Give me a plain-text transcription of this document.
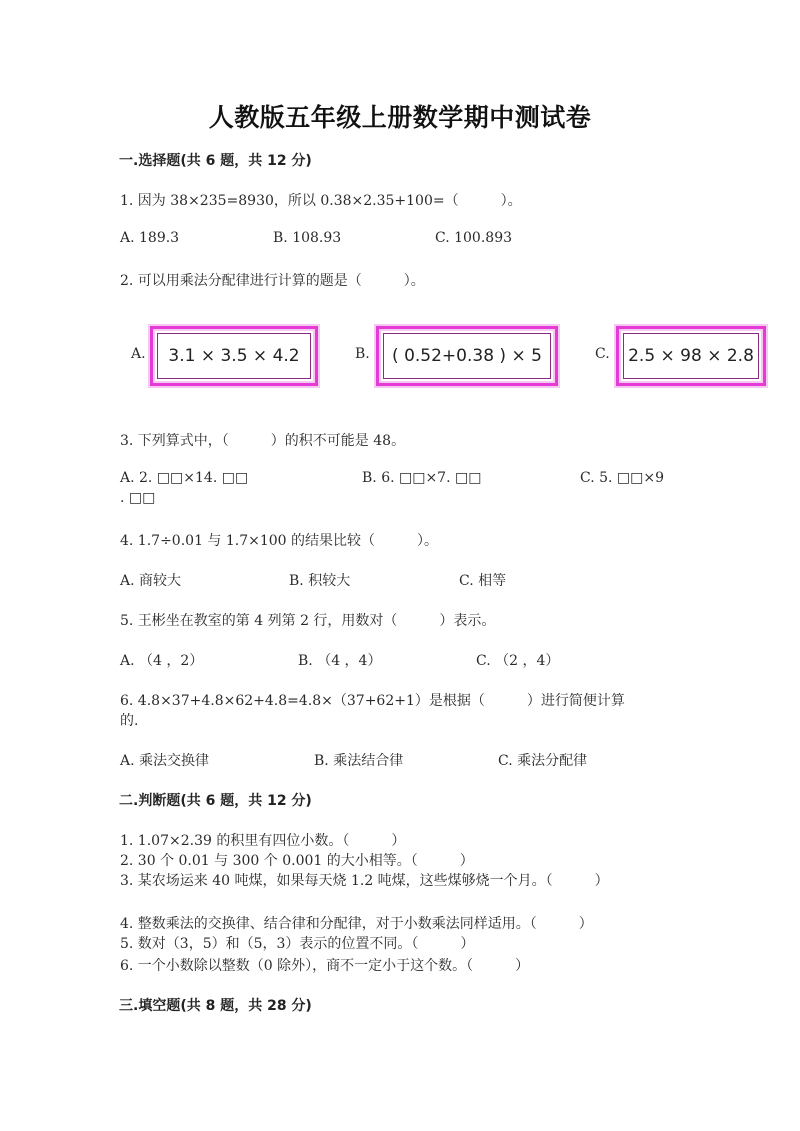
人教版五年级上册数学期中测试卷
一.选择题(共 6 题，共 12 分)
1. 因为 38×235=8930，所以 0.38×2.35+100=（　　　）。
A. 189.3	B. 108.93	C. 100.893
2. 可以用乘法分配律进行计算的题是（　　　）。
A.	3.1 × 3.5 × 4.2	B.	( 0.52+0.38 ) × 5	C. 2.5 × 98 × 2.8
3. 下列算式中，（　　　）的积不可能是 48。
A. 2. □□×14. □□	B. 6. □□×7. □□	C. 5. □□×9
. □□
4. 1.7÷0.01 与 1.7×100 的结果比较（　　　）。
A. 商较大	B. 积较大	C. 相等
5. 王彬坐在教室的第 4 列第 2 行，用数对（　　　）表示。
A. （4 ，2）	B. （4 ，4）	C. （2 ，4）
6. 4.8×37+4.8×62+4.8=4.8×（37+62+1）是根据（　　　）进行简便计算
的.
A. 乘法交换律	B. 乘法结合律	C. 乘法分配律
二.判断题(共 6 题，共 12 分)
1. 1.07×2.39 的积里有四位小数。（　　　）
2. 30 个 0.01 与 300 个 0.001 的大小相等。（　　　）
3. 某农场运来 40 吨煤，如果每天烧 1.2 吨煤，这些煤够烧一个月。（　　　）
4. 整数乘法的交换律、结合律和分配律，对于小数乘法同样适用。（　　　）
5. 数对（3，5）和（5，3）表示的位置不同。（　　　）
6. 一个小数除以整数（0 除外），商不一定小于这个数。（　　　）
三.填空题(共 8 题，共 28 分)
